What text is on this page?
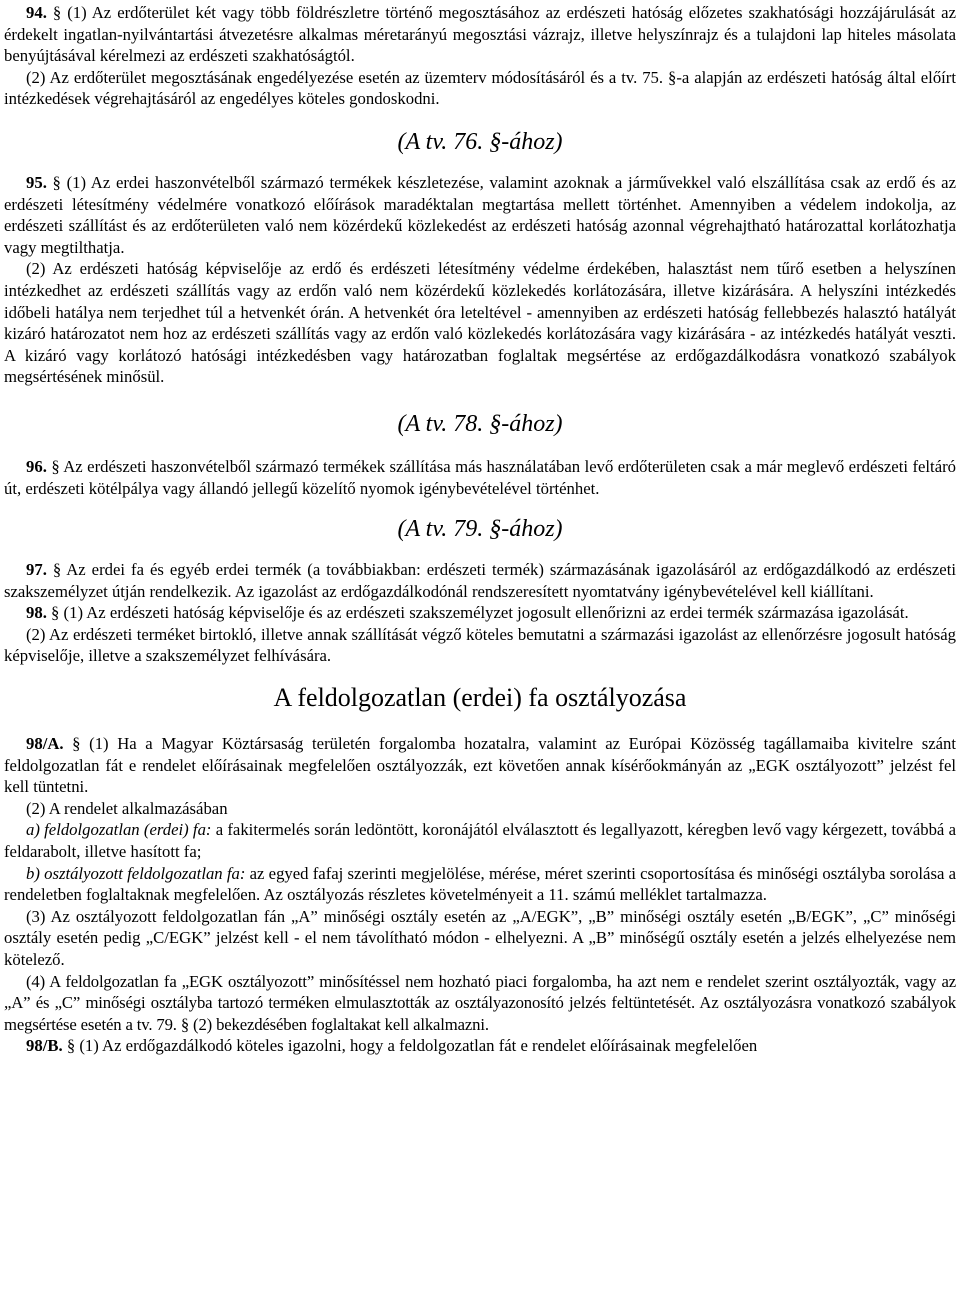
94. § (1) Az erdőterület két vagy több földrészletre történő megosztásához az erdészeti hatóság előzetes szakhatósági hozzájárulását az érdekelt ingatlan-nyilvántartási átvezetésre alkalmas méretarányú megosztási vázrajz, illetve helyszínrajz és a tulajdoni lap hiteles másolata benyújtásával kérelmezi az erdészeti szakhatóságtól.

(2) Az erdőterület megosztásának engedélyezése esetén az üzemterv módosításáról és a tv. 75. §-a alapján az erdészeti hatóság által előírt intézkedések végrehajtásáról az engedélyes köteles gondoskodni.

(A tv. 76. §-ához)

95. § (1) Az erdei haszonvételből származó termékek készletezése, valamint azoknak a járművekkel való elszállítása csak az erdő és az erdészeti létesítmény védelmére vonatkozó előírások maradéktalan megtartása mellett történhet. Amennyiben a védelem indokolja, az erdészeti szállítást és az erdőterületen való nem közérdekű közlekedést az erdészeti hatóság azonnal végrehajtható határozattal korlátozhatja vagy megtilthatja.

(2) Az erdészeti hatóság képviselője az erdő és erdészeti létesítmény védelme érdekében, halasztást nem tűrő esetben a helyszínen intézkedhet az erdészeti szállítás vagy az erdőn való nem közérdekű közlekedés korlátozására, illetve kizárására. A helyszíni intézkedés időbeli hatálya nem terjedhet túl a hetvenkét órán. A hetvenkét óra leteltével - amennyiben az erdészeti hatóság fellebbezés halasztó hatályát kizáró határozatot nem hoz az erdészeti szállítás vagy az erdőn való közlekedés korlátozására vagy kizárására - az intézkedés hatályát veszti. A kizáró vagy korlátozó hatósági intézkedésben vagy határozatban foglaltak megsértése az erdőgazdálkodásra vonatkozó szabályok megsértésének minősül.

(A tv. 78. §-ához)

96. § Az erdészeti haszonvételből származó termékek szállítása más használatában levő erdőterületen csak a már meglevő erdészeti feltáró út, erdészeti kötélpálya vagy állandó jellegű közelítő nyomok igénybevételével történhet.

(A tv. 79. §-ához)

97. § Az erdei fa és egyéb erdei termék (a továbbiakban: erdészeti termék) származásának igazolásáról az erdőgazdálkodó az erdészeti szakszemélyzet útján rendelkezik. Az igazolást az erdőgazdálkodónál rendszeresített nyomtatvány igénybevételével kell kiállítani.

98. § (1) Az erdészeti hatóság képviselője és az erdészeti szakszemélyzet jogosult ellenőrizni az erdei termék származása igazolását.

(2) Az erdészeti terméket birtokló, illetve annak szállítását végző köteles bemutatni a származási igazolást az ellenőrzésre jogosult hatóság képviselője, illetve a szakszemélyzet felhívására.

A feldolgozatlan (erdei) fa osztályozása

98/A. § (1) Ha a Magyar Köztársaság területén forgalomba hozatalra, valamint az Európai Közösség tagállamaiba kivitelre szánt feldolgozatlan fát e rendelet előírásainak megfelelően osztályozzák, ezt követően annak kísérőokmányán az „EGK osztályozott” jelzést fel kell tüntetni.

(2) A rendelet alkalmazásában

a) feldolgozatlan (erdei) fa: a fakitermelés során ledöntött, koronájától elválasztott és legallyazott, kéregben levő vagy kérgezett, továbbá a feldarabolt, illetve hasított fa;

b) osztályozott feldolgozatlan fa: az egyed fafaj szerinti megjelölése, mérése, méret szerinti csoportosítása és minőségi osztályba sorolása a rendeletben foglaltaknak megfelelően. Az osztályozás részletes követelményeit a 11. számú melléklet tartalmazza.

(3) Az osztályozott feldolgozatlan fán „A” minőségi osztály esetén az „A/EGK”, „B” minőségi osztály esetén „B/EGK”, „C” minőségi osztály esetén pedig „C/EGK” jelzést kell - el nem távolítható módon - elhelyezni. A „B” minőségű osztály esetén a jelzés elhelyezése nem kötelező.

(4) A feldolgozatlan fa „EGK osztályozott” minősítéssel nem hozható piaci forgalomba, ha azt nem e rendelet szerint osztályozták, vagy az „A” és „C” minőségi osztályba tartozó terméken elmulasztották az osztályazonosító jelzés feltüntetését. Az osztályozásra vonatkozó szabályok megsértése esetén a tv. 79. § (2) bekezdésében foglaltakat kell alkalmazni.

98/B. § (1) Az erdőgazdálkodó köteles igazolni, hogy a feldolgozatlan fát e rendelet előírásainak megfelelően
